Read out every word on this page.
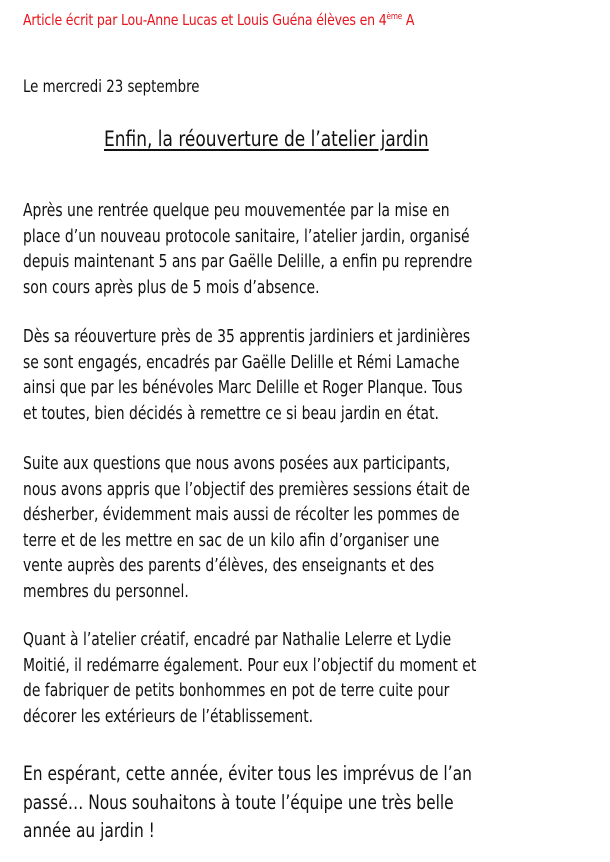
Article écrit par Lou-Anne Lucas et Louis Guéna élèves en 4ème A
Le mercredi 23 septembre
Enfin, la réouverture de l’atelier jardin
Après une rentrée quelque peu mouvementée par la mise en
place d’un nouveau protocole sanitaire, l’atelier jardin, organisé
depuis maintenant 5 ans par Gaëlle Delille, a enfin pu reprendre
son cours après plus de 5 mois d’absence.
Dès sa réouverture près de 35 apprentis jardiniers et jardinières
se sont engagés, encadrés par Gaëlle Delille et Rémi Lamache
ainsi que par les bénévoles Marc Delille et Roger Planque. Tous
et toutes, bien décidés à remettre ce si beau jardin en état.
Suite aux questions que nous avons posées aux participants,
nous avons appris que l’objectif des premières sessions était de
désherber, évidemment mais aussi de récolter les pommes de
terre et de les mettre en sac de un kilo afin d’organiser une
vente auprès des parents d’élèves, des enseignants et des
membres du personnel.
Quant à l’atelier créatif, encadré par Nathalie Lelerre et Lydie
Moitié, il redémarre également. Pour eux l’objectif du moment et
de fabriquer de petits bonhommes en pot de terre cuite pour
décorer les extérieurs de l’établissement.
En espérant, cette année, éviter tous les imprévus de l’an
passé… Nous souhaitons à toute l’équipe une très belle
année au jardin !
